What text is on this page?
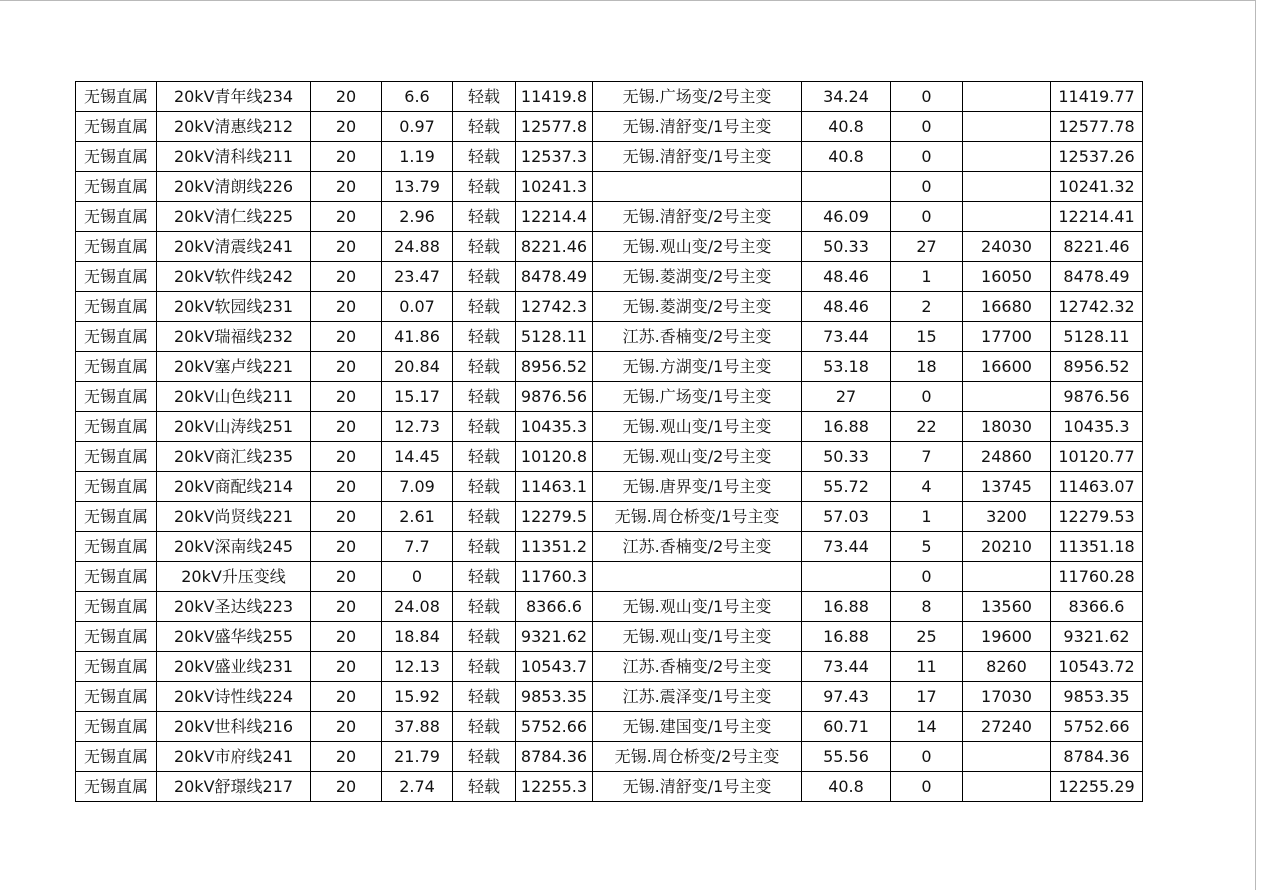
无锡直属	20kV青年线234	20	6.6	轻载	11419.8	无锡.广场变/2号主变	34.24	0		11419.77
无锡直属	20kV清惠线212	20	0.97	轻载	12577.8	无锡.清舒变/1号主变	40.8	0		12577.78
无锡直属	20kV清科线211	20	1.19	轻载	12537.3	无锡.清舒变/1号主变	40.8	0		12537.26
无锡直属	20kV清朗线226	20	13.79	轻载	10241.3			0		10241.32
无锡直属	20kV清仁线225	20	2.96	轻载	12214.4	无锡.清舒变/2号主变	46.09	0		12214.41
无锡直属	20kV清震线241	20	24.88	轻载	8221.46	无锡.观山变/2号主变	50.33	27	24030	8221.46
无锡直属	20kV软件线242	20	23.47	轻载	8478.49	无锡.菱湖变/2号主变	48.46	1	16050	8478.49
无锡直属	20kV软园线231	20	0.07	轻载	12742.3	无锡.菱湖变/2号主变	48.46	2	16680	12742.32
无锡直属	20kV瑞福线232	20	41.86	轻载	5128.11	江苏.香楠变/2号主变	73.44	15	17700	5128.11
无锡直属	20kV塞卢线221	20	20.84	轻载	8956.52	无锡.方湖变/1号主变	53.18	18	16600	8956.52
无锡直属	20kV山色线211	20	15.17	轻载	9876.56	无锡.广场变/1号主变	27	0		9876.56
无锡直属	20kV山涛线251	20	12.73	轻载	10435.3	无锡.观山变/1号主变	16.88	22	18030	10435.3
无锡直属	20kV商汇线235	20	14.45	轻载	10120.8	无锡.观山变/2号主变	50.33	7	24860	10120.77
无锡直属	20kV商配线214	20	7.09	轻载	11463.1	无锡.唐界变/1号主变	55.72	4	13745	11463.07
无锡直属	20kV尚贤线221	20	2.61	轻载	12279.5	无锡.周仓桥变/1号主变	57.03	1	3200	12279.53
无锡直属	20kV深南线245	20	7.7	轻载	11351.2	江苏.香楠变/2号主变	73.44	5	20210	11351.18
无锡直属	20kV升压变线	20	0	轻载	11760.3			0		11760.28
无锡直属	20kV圣达线223	20	24.08	轻载	8366.6	无锡.观山变/1号主变	16.88	8	13560	8366.6
无锡直属	20kV盛华线255	20	18.84	轻载	9321.62	无锡.观山变/1号主变	16.88	25	19600	9321.62
无锡直属	20kV盛业线231	20	12.13	轻载	10543.7	江苏.香楠变/2号主变	73.44	11	8260	10543.72
无锡直属	20kV诗性线224	20	15.92	轻载	9853.35	江苏.震泽变/1号主变	97.43	17	17030	9853.35
无锡直属	20kV世科线216	20	37.88	轻载	5752.66	无锡.建国变/1号主变	60.71	14	27240	5752.66
无锡直属	20kV市府线241	20	21.79	轻载	8784.36	无锡.周仓桥变/2号主变	55.56	0		8784.36
无锡直属	20kV舒璟线217	20	2.74	轻载	12255.3	无锡.清舒变/1号主变	40.8	0		12255.29
